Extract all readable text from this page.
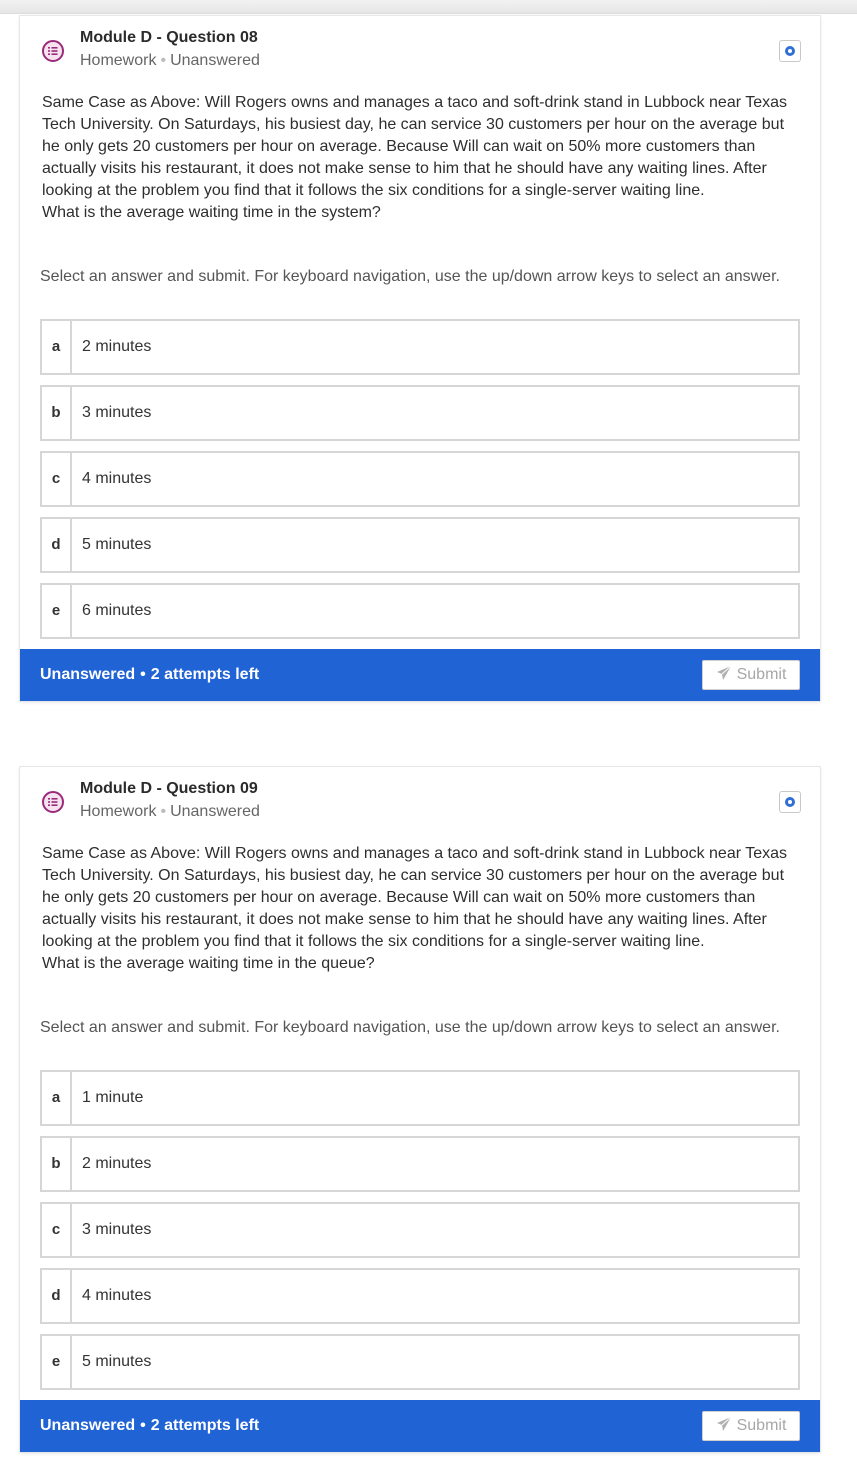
Module D - Question 08
Homework • Unanswered

Same Case as Above: Will Rogers owns and manages a taco and soft-drink stand in Lubbock near Texas Tech University. On Saturdays, his busiest day, he can service 30 customers per hour on the average but he only gets 20 customers per hour on average. Because Will can wait on 50% more customers than actually visits his restaurant, it does not make sense to him that he should have any waiting lines. After looking at the problem you find that it follows the six conditions for a single-server waiting line.

What is the average waiting time in the system?

Select an answer and submit. For keyboard navigation, use the up/down arrow keys to select an answer.
a	2 minutes
b	3 minutes
c	4 minutes
d	5 minutes
e	6 minutes
Unanswered • 2 attempts left	Submit
Module D - Question 09
Homework • Unanswered

Same Case as Above: Will Rogers owns and manages a taco and soft-drink stand in Lubbock near Texas Tech University. On Saturdays, his busiest day, he can service 30 customers per hour on the average but he only gets 20 customers per hour on average. Because Will can wait on 50% more customers than actually visits his restaurant, it does not make sense to him that he should have any waiting lines. After looking at the problem you find that it follows the six conditions for a single-server waiting line.

What is the average waiting time in the queue?

Select an answer and submit. For keyboard navigation, use the up/down arrow keys to select an answer.
a	1 minute
b	2 minutes
c	3 minutes
d	4 minutes
e	5 minutes
Unanswered • 2 attempts left	Submit
